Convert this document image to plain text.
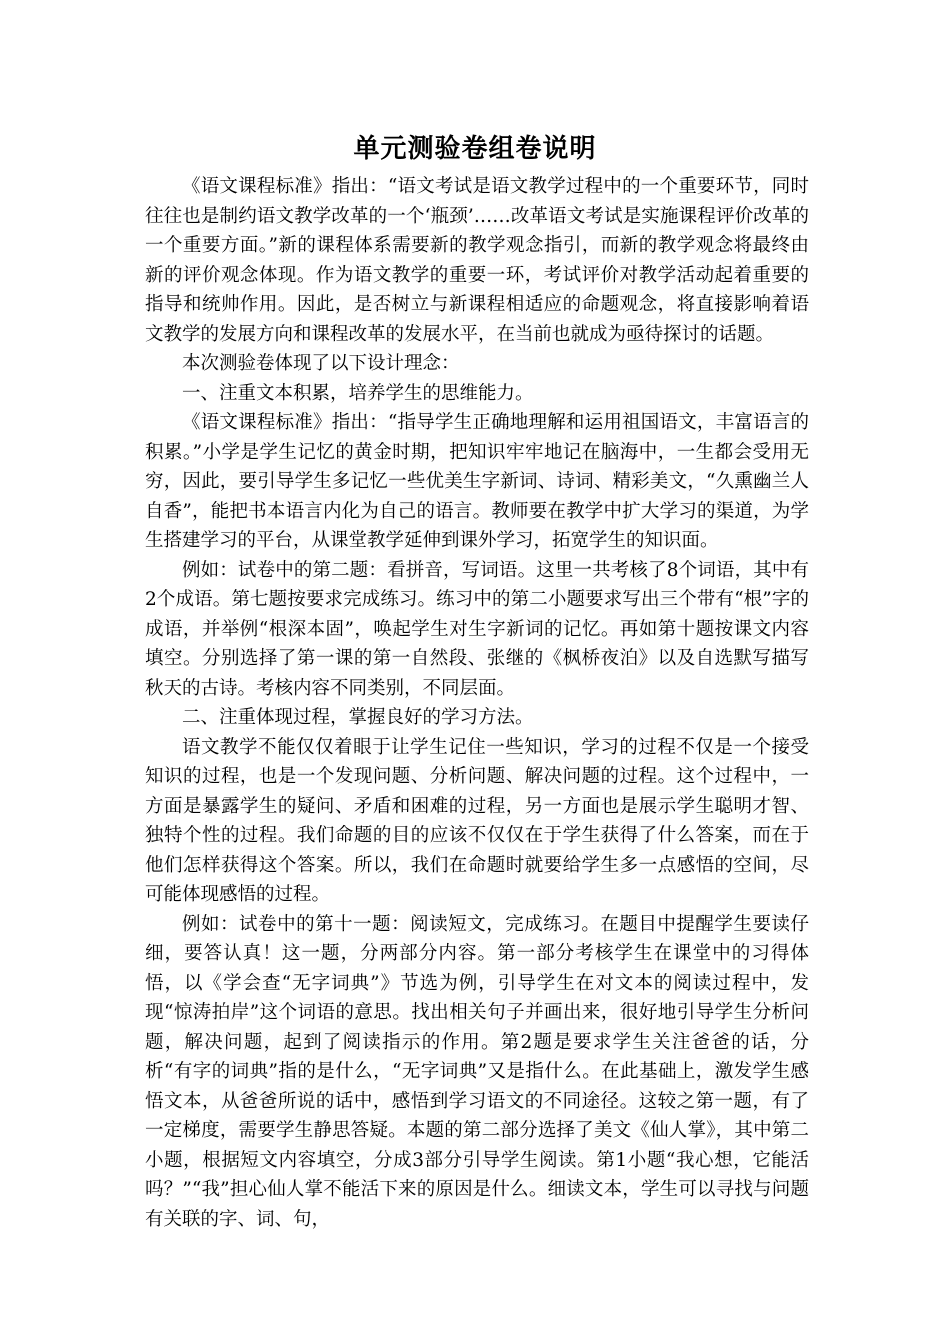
单元测验卷组卷说明

《语文课程标准》指出：“语文考试是语文教学过程中的一个重要环节，同时往往也是制约语文教学改革的一个‘瓶颈’……改革语文考试是实施课程评价改革的一个重要方面。”新的课程体系需要新的教学观念指引，而新的教学观念将最终由新的评价观念体现。作为语文教学的重要一环，考试评价对教学活动起着重要的指导和统帅作用。因此，是否树立与新课程相适应的命题观念，将直接影响着语文教学的发展方向和课程改革的发展水平，在当前也就成为亟待探讨的话题。

本次测验卷体现了以下设计理念：

一、注重文本积累，培养学生的思维能力。

《语文课程标准》指出：“指导学生正确地理解和运用祖国语文，丰富语言的积累。”小学是学生记忆的黄金时期，把知识牢牢地记在脑海中，一生都会受用无穷，因此，要引导学生多记忆一些优美生字新词、诗词、精彩美文，“久熏幽兰人自香”，能把书本语言内化为自己的语言。教师要在教学中扩大学习的渠道，为学生搭建学习的平台，从课堂教学延伸到课外学习，拓宽学生的知识面。

例如：试卷中的第二题：看拼音，写词语。这里一共考核了8个词语，其中有2个成语。第七题按要求完成练习。练习中的第二小题要求写出三个带有“根”字的成语，并举例“根深本固”，唤起学生对生字新词的记忆。再如第十题按课文内容填空。分别选择了第一课的第一自然段、张继的《枫桥夜泊》以及自选默写描写秋天的古诗。考核内容不同类别，不同层面。

二、注重体现过程，掌握良好的学习方法。

语文教学不能仅仅着眼于让学生记住一些知识，学习的过程不仅是一个接受知识的过程，也是一个发现问题、分析问题、解决问题的过程。这个过程中，一方面是暴露学生的疑问、矛盾和困难的过程，另一方面也是展示学生聪明才智、独特个性的过程。我们命题的目的应该不仅仅在于学生获得了什么答案，而在于他们怎样获得这个答案。所以，我们在命题时就要给学生多一点感悟的空间，尽可能体现感悟的过程。

例如：试卷中的第十一题：阅读短文，完成练习。在题目中提醒学生要读仔细，要答认真！这一题，分两部分内容。第一部分考核学生在课堂中的习得体悟，以《学会查“无字词典”》节选为例，引导学生在对文本的阅读过程中，发现“惊涛拍岸”这个词语的意思。找出相关句子并画出来，很好地引导学生分析问题，解决问题，起到了阅读指示的作用。第2题是要求学生关注爸爸的话，分析“有字的词典”指的是什么，“无字词典”又是指什么。在此基础上，激发学生感悟文本，从爸爸所说的话中，感悟到学习语文的不同途径。这较之第一题，有了一定梯度，需要学生静思答疑。本题的第二部分选择了美文《仙人掌》，其中第二小题，根据短文内容填空，分成3部分引导学生阅读。第1小题“我心想，它能活吗？”“我”担心仙人掌不能活下来的原因是什么。细读文本，学生可以寻找与问题有关联的字、词、句，
